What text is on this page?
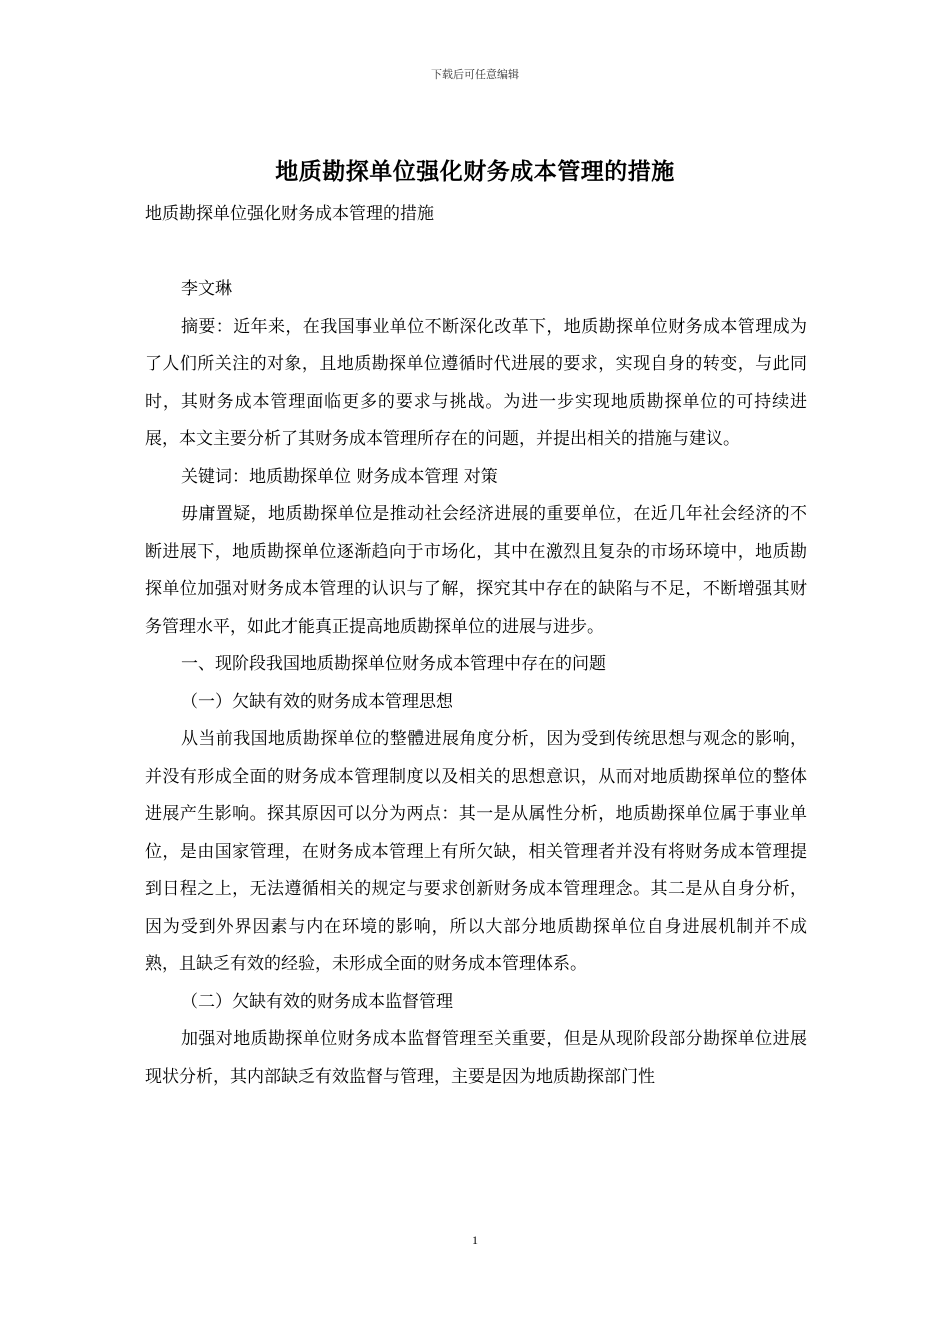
下载后可任意编辑
地质勘探单位强化财务成本管理的措施

地质勘探单位强化财务成本管理的措施

李文琳

摘要：近年来，在我国事业单位不断深化改革下，地质勘探单位财务成本管理成为了人们所关注的对象，且地质勘探单位遵循时代进展的要求，实现自身的转变，与此同时，其财务成本管理面临更多的要求与挑战。为进一步实现地质勘探单位的可持续进展，本文主要分析了其财务成本管理所存在的问题，并提出相关的措施与建议。

关键词：地质勘探单位 财务成本管理 对策

毋庸置疑，地质勘探单位是推动社会经济进展的重要单位，在近几年社会经济的不断进展下，地质勘探单位逐渐趋向于市场化，其中在激烈且复杂的市场环境中，地质勘探单位加强对财务成本管理的认识与了解，探究其中存在的缺陷与不足，不断增强其财务管理水平，如此才能真正提高地质勘探单位的进展与进步。

一、现阶段我国地质勘探单位财务成本管理中存在的问题

（一）欠缺有效的财务成本管理思想

从当前我国地质勘探单位的整體进展角度分析，因为受到传统思想与观念的影响，并没有形成全面的财务成本管理制度以及相关的思想意识，从而对地质勘探单位的整体进展产生影响。探其原因可以分为两点：其一是从属性分析，地质勘探单位属于事业单位，是由国家管理，在财务成本管理上有所欠缺，相关管理者并没有将财务成本管理提到日程之上，无法遵循相关的规定与要求创新财务成本管理理念。其二是从自身分析，因为受到外界因素与内在环境的影响，所以大部分地质勘探单位自身进展机制并不成熟，且缺乏有效的经验，未形成全面的财务成本管理体系。

（二）欠缺有效的财务成本监督管理

加强对地质勘探单位财务成本监督管理至关重要，但是从现阶段部分勘探单位进展现状分析，其内部缺乏有效监督与管理，主要是因为地质勘探部门性

1
